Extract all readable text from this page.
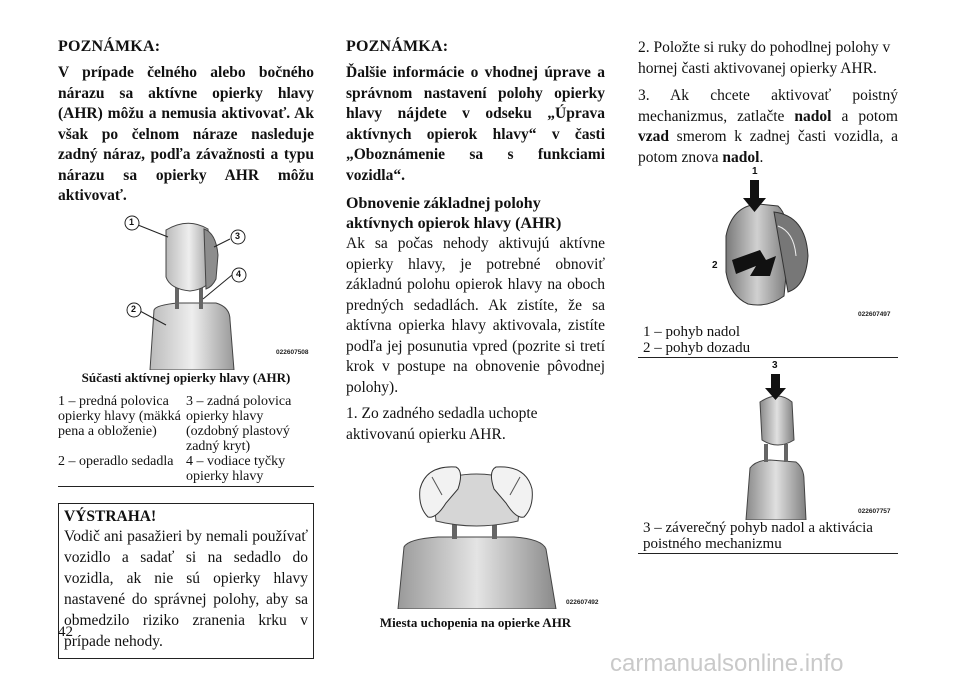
POZNÁMKA:

V prípade čelného alebo bočného nárazu sa aktívne opierky hlavy (AHR) môžu a nemusia aktivovať. Ak však po čelnom náraze nasleduje zadný náraz, podľa závažnosti a typu nárazu sa opierky AHR môžu aktivovať.

1
2
3
4
022607508

Súčasti aktívnej opierky hlavy (AHR)

1 – predná polovica opierky hlavy (mäkká pena a obloženie)
3 – zadná polovica opierky hlavy (ozdobný plastový zadný kryt)
2 – operadlo sedadla 4 – vodiace tyčky opierky hlavy

VÝSTRAHA!

Vodič ani pasažieri by nemali používať vozidlo a sadať si na sedadlo do vozidla, ak nie sú opierky hlavy nastavené do správnej polohy, aby sa obmedzilo riziko zranenia krku v prípade nehody.

POZNÁMKA:

Ďalšie informácie o vhodnej úprave a správnom nastavení polohy opierky hlavy nájdete v odseku „Úprava aktívnych opierok hlavy“ v časti „Oboznámenie sa s funkciami vozidla“.

Obnovenie základnej polohy aktívnych opierok hlavy (AHR)

Ak sa počas nehody aktivujú aktívne opierky hlavy, je potrebné obnoviť základnú polohu opierok hlavy na oboch predných sedadlách. Ak zistíte, že sa aktívna opierka hlavy aktivovala, zistíte podľa jej posunutia vpred (pozrite si tretí krok v postupe na obnovenie pôvodnej polohy).

1. Zo zadného sedadla uchopte aktivovanú opierku AHR.

022607492

Miesta uchopenia na opierke AHR

2. Položte si ruky do pohodlnej polohy v hornej časti aktivovanej opierky AHR.

3. Ak chcete aktivovať poistný mechanizmus, zatlačte nadol a potom vzad smerom k zadnej časti vozidla, a potom znova nadol.

1
2
022607497
1 – pohyb nadol
2 – pohyb dozadu
3
022607757
3 – záverečný pohyb nadol a aktivácia poistného mechanizmu
42
carmanualsonline.info
